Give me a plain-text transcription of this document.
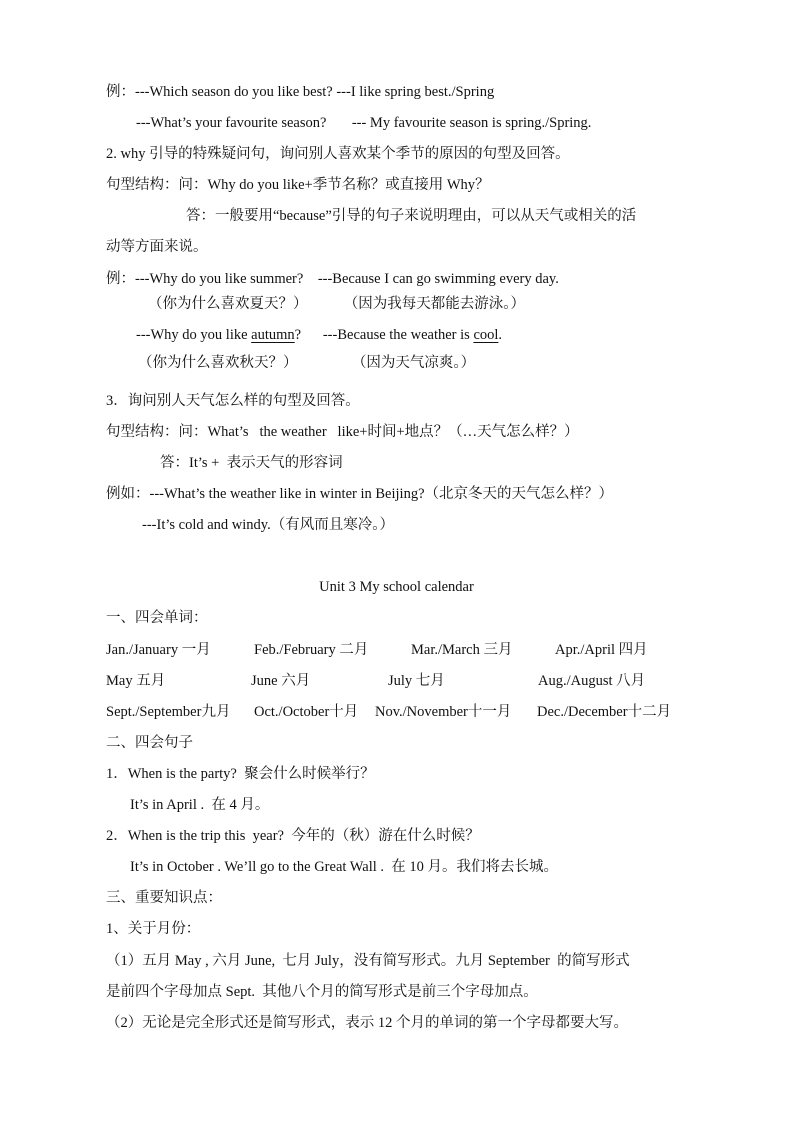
例：---Which season do you like best? ---I like spring best./Spring
---What’s your favourite season?       --- My favourite season is spring./Spring.
2. why 引导的特殊疑问句，询问别人喜欢某个季节的原因的句型及回答。
句型结构：问：Why do you like+季节名称？或直接用 Why？
答：一般要用“because”引导的句子来说明理由，可以从天气或相关的活
动等方面来说。
例：---Why do you like summer?    ---Because I can go swimming every day.
（你为什么喜欢夏天？）          （因为我每天都能去游泳。）
---Why do you like autumn?      ---Because the weather is cool.
（你为什么喜欢秋天？）               （因为天气凉爽。）
3．询问别人天气怎么样的句型及回答。
句型结构：问：What’s   the weather   like+时间+地点？（…天气怎么样？）
答：It’s +  表示天气的形容词
例如：---What’s the weather like in winter in Beijing?（北京冬天的天气怎么样？）
---It’s cold and windy.（有风而且寒冷。）
Unit 3 My school calendar
一、四会单词：
Jan./January 一月	Feb./February 二月	Mar./March 三月	Apr./April 四月
May 五月	June 六月	July 七月	Aug./August 八月
Sept./September九月 Oct./October十月 Nov./November十一月 Dec./December十二月
二、四会句子
1．When is the party?  聚会什么时候举行？
It’s in April .  在 4 月。
2．When is the trip this  year?  今年的（秋）游在什么时候？
It’s in October . We’ll go to the Great Wall .  在 10 月。我们将去长城。
三、重要知识点：
1、关于月份：
（1）五月 May , 六月 June,  七月 July，没有简写形式。九月 September  的简写形式
是前四个字母加点 Sept.  其他八个月的简写形式是前三个字母加点。
（2）无论是完全形式还是简写形式，表示 12 个月的单词的第一个字母都要大写。
